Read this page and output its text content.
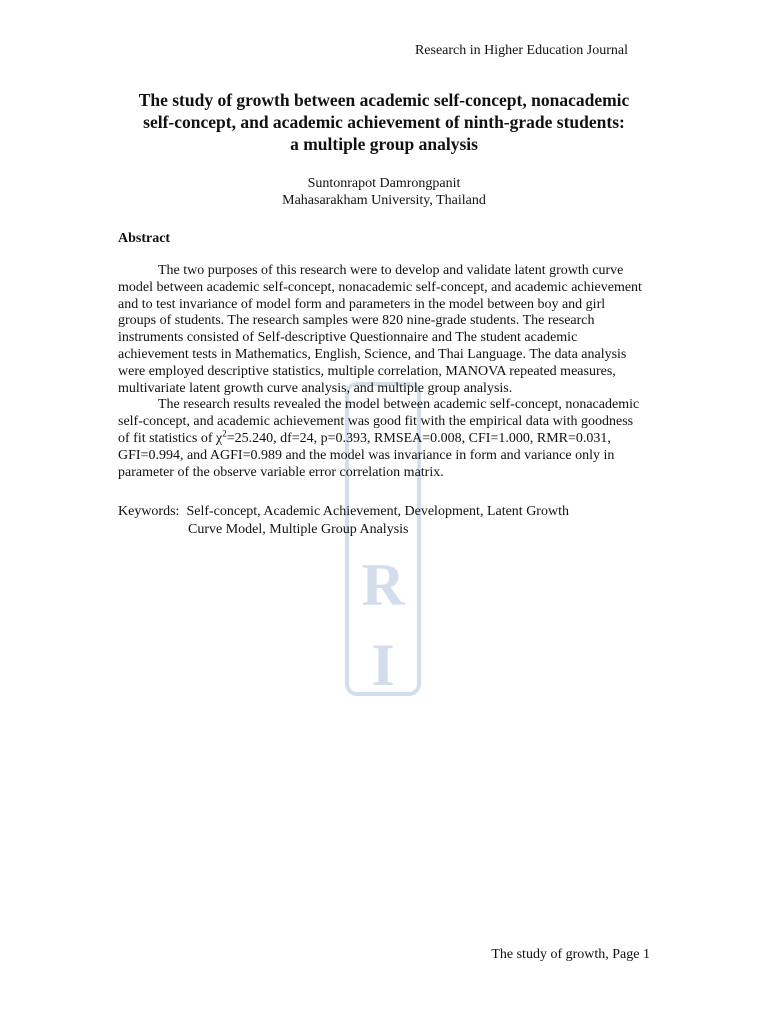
Research in Higher Education Journal
The study of growth between academic self-concept, nonacademic
self-concept, and academic achievement of ninth-grade students:
a multiple group analysis
Suntonrapot Damrongpanit
Mahasarakham University, Thailand
R
I
Abstract

The two purposes of this research were to develop and validate latent growth curve
model between academic self-concept, nonacademic self-concept, and academic achievement
and to test invariance of model form and parameters in the model between boy and girl
groups of students. The research samples were 820 nine-grade students. The research
instruments consisted of Self-descriptive Questionnaire and The student academic
achievement tests in Mathematics, English, Science, and Thai Language. The data analysis
were employed descriptive statistics, multiple correlation, MANOVA repeated measures,
multivariate latent growth curve analysis, and multiple group analysis.

The research results revealed the model between academic self-concept, nonacademic
self-concept, and academic achievement was good fit with the empirical data with goodness
of fit statistics of $\chi^2=25.240$, df=24, p=0.393, RMSEA=0.008, CFI=1.000, RMR=0.031,
GFI=0.994, and AGFI=0.989 and the model was invariance in form and variance only in
parameter of the observe variable error correlation matrix.

Keywords: Self-concept, Academic Achievement, Development, Latent Growth
Curve Model, Multiple Group Analysis
The study of growth, Page 1
